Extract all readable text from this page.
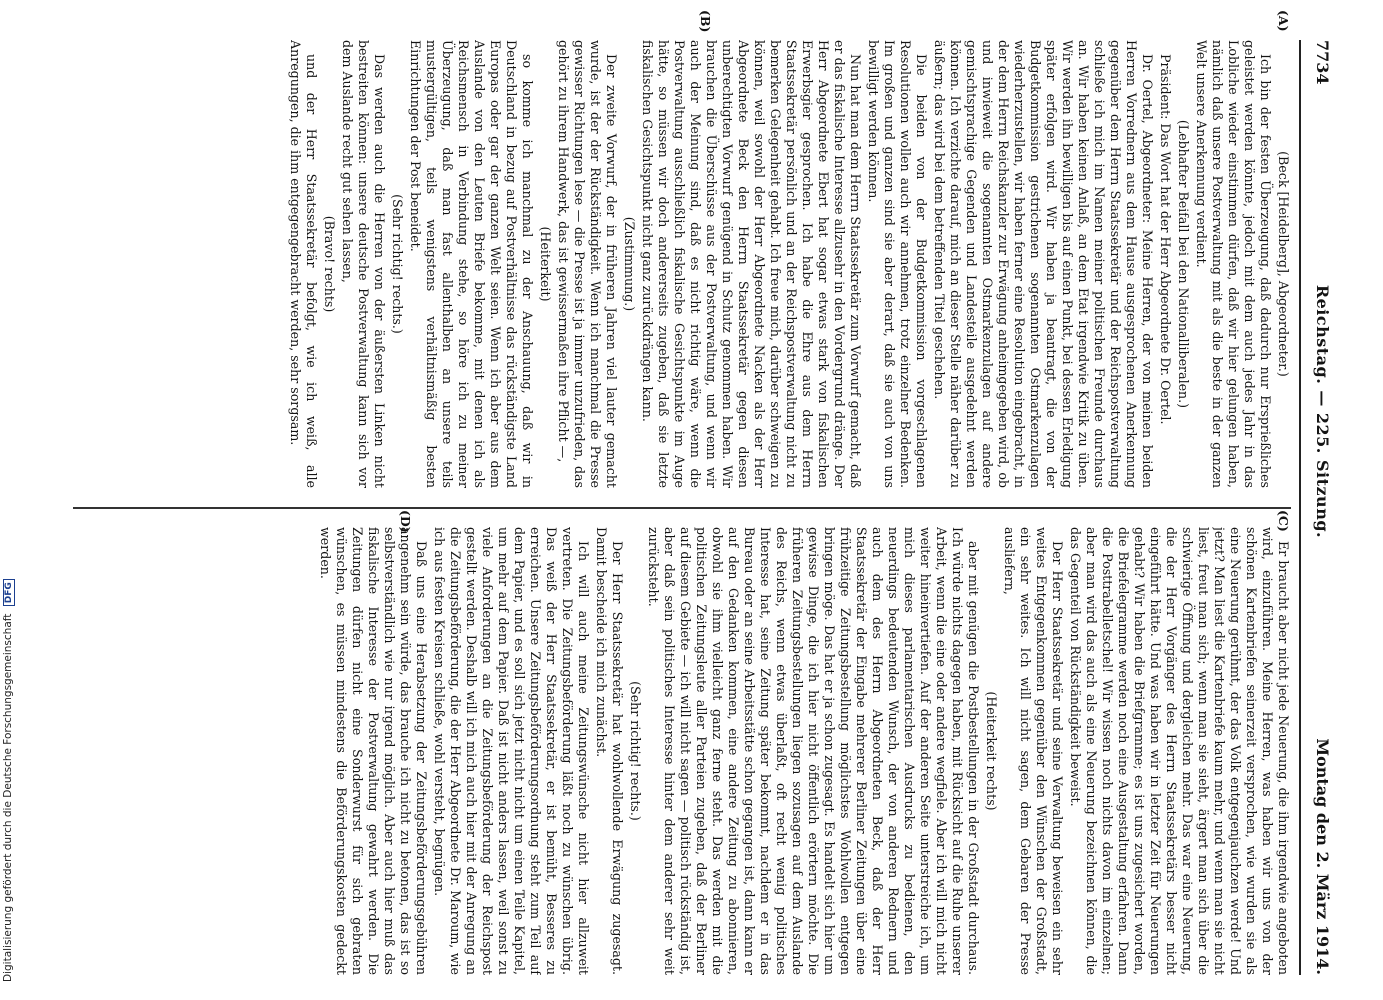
7734
Reichstag. — 225. Sitzung.
Montag den 2. März 1914.

(Beck [Heidelberg], Abgeordneter.)

Ich bin der festen Überzeugung, daß dadurch nur Ersprießliches geleistet werden könnte, jedoch mit dem auch jedes Jahr in das Lobliche wieder einstimmen dürfen, daß wir hier gelungen haben, nämlich daß unsere Postverwaltung mit als die beste in der ganzen Welt unsere Anerkennung verdient.

(Lebhafter Beifall bei den Nationalliberalen.)

Präsident: Das Wort hat der Herr Abgeordnete Dr. Oertel.

Dr. Oertel, Abgeordneter: Meine Herren, der von meinen beiden Herren Vorrednern aus dem Hause ausgesprochenen Anerkennung gegenüber dem Herrn Staatssekretär und der Reichspostverwaltung schließe ich mich im Namen meiner politischen Freunde durchaus an. Wir haben keinen Anlaß, an dem Etat irgendwie Kritik zu üben. Wir werden ihn bewilligen bis auf einen Punkt, bei dessen Erledigung später erfolgen wird. Wir haben ja beantragt, die von der Budgetkommission gestrichenen sogenannten Ostmarkenzulagen wiederherzustellen, wir haben ferner eine Resolution eingebracht, in der dem Herrn Reichskanzler zur Erwägung anheimgegeben wird, ob und inwieweit die sogenannten Ostmarkenzulagen auf andere gemischtsprachige Gegenden und Landesteile ausgedehnt werden können. Ich verzichte darauf, mich an dieser Stelle näher darüber zu äußern; das wird bei dem betreffenden Titel geschehen.

Die beiden von der Budgetkommission vorgeschlagenen Resolutionen wollen auch wir annehmen, trotz einzelner Bedenken. Im großen und ganzen sind sie aber derart, daß sie auch von uns bewilligt werden können.

Nun hat man dem Herrn Staatssekretär zum Vorwurf gemacht, daß er das fiskalische Interesse allzusehr in den Vordergrund dränge. Der Herr Abgeordnete Ebert hat sogar etwas stark von fiskalischen Erwerbsgier gesprochen. Ich habe die Ehre aus dem Herrn Staatssekretär persönlich und an der Reichspostverwaltung nicht zu bemerken Gelegenheit gehabt. Ich freue mich, darüber schweigen zu können, weil sowohl der Herr Abgeordnete Nacken als der Herr Abgeordnete Beck den Herrn Staatssekretär gegen diesen unberechtigten Vorwurf genügend in Schutz genommen haben. Wir brauchen die Überschüsse aus der Postverwaltung, und wenn wir auch der Meinung sind, daß es nicht richtig wäre, wenn die Postverwaltung ausschließlich fiskalische Gesichtspunkte im Auge hätte, so müssen wir doch andererseits zugeben, daß sie letzte fiskalischen Gesichtspunkt nicht ganz zurückdrängen kann.

(Zustimmung.)

Der zweite Vorwurf, der in früheren Jahren viel lauter gemacht wurde, ist der der Rückständigkeit. Wenn ich manchmal die Presse gewisser Richtungen lese — die Presse ist ja immer unzufrieden, das gehört zu ihrem Handwerk, das ist gewissermaßen ihre Pflicht —,

(Heiterkeit)

so komme ich manchmal zu der Anschauung, daß wir in Deutschland in bezug auf Postverhältnisse das rückständigste Land Europas oder gar der ganzen Welt seien. Wenn ich aber aus dem Auslande von den Leuten Briefe bekomme, mit denen ich als Reichsmensch in Verbindung stehe, so höre ich zu meiner Überzeugung, daß man fast allenthalben an unsere teils mustergültigen, teils wenigstens verhältnismäßig besten Einrichtungen der Post beneidet.

(Sehr richtig! rechts.)

Das werden auch die Herren von der äußersten Linken nicht bestreiten können: unsere deutsche Postverwaltung kann sich vor dem Auslande recht gut sehen lassen,

(Bravo! rechts)

und der Herr Staatssekretär befolgt, wie ich weiß, alle Anregungen, die ihm entgegengebracht werden, sehr sorgsam.

Er braucht aber nicht jede Neuerung, die ihm irgendwie angeboten wird, einzuführen. Meine Herren, was haben wir uns von der schönen Kartenbriefen seinerzeit versprochen, wie wurden sie als eine Neuerung gerühmt, der das Volk entgegenjauchzen werde! Und jetzt? Man liest die Kartenbriefe kaum mehr, und wenn man sie nicht liest, freut man sich; wenn man sie sieht, ärgert man sich über die schwierige Öffnung und dergleichen mehr. Das war eine Neuerung, die der Herr Vorgänger des Herrn Staatssekretärs besser nicht eingeführt hätte. Und was haben wir in letzter Zeit für Neuerungen gehabt? Wir haben die Briefgramme; es ist uns zugesichert worden, die Briefelegramme werden noch eine Ausgestaltung erfahren. Dann die Posttrabelletschel! Wir wissen noch nichts davon im einzelnen; aber man wird das auch als eine Neuerung bezeichnen können, die das Gegenteil von Rückständigkeit beweist.

Der Herr Staatssekretär und seine Verwaltung beweisen ein sehr weites Entgegenkommen gegenüber den Wünschen der Großstadt, ein sehr weites. Ich will nicht sagen, dem Gebaren der Presse ausliefern,

(Heiterkeit rechts)

aber mit genügen die Postbestellungen in der Großstadt durchaus. Ich würde nichts dagegen haben, mit Rücksicht auf die Ruhe unserer Arbeit, wenn die eine oder andere wegfiele. Aber ich will mich nicht weiter hineinvertiefen. Auf der anderen Seite unterstreiche ich, um mich dieses parlamentarischen Ausdrucks zu bedienen, den neuerdings bedeutenden Wunsch, der von anderen Rednern und auch dem des Herrn Abgeordneten Beck, daß der Herr Staatssekretär der Eingabe mehrerer Berliner Zeitungen über eine frühzeitige Zeitungsbestellung möglichstes Wohlwollen entgegen bringen möge. Das hat er ja schon zugesagt. Es handelt sich hier um gewisse Dinge, die ich hier nicht öffentlich erörtern möchte. Die früheren Zeitungsbestellungen liegen sozusagen auf dem Auslande des Reichs, wenn etwas überlaßt, oft recht wenig politisches Interesse hat, seine Zeitung später bekommt, nachdem er in das Bureau oder an seine Arbeitsstätte schon gegangen ist, dann kann er auf den Gedanken kommen, eine andere Zeitung zu abonnieren, obwohl sie ihm vielleicht ganz ferne steht. Das werden mit die politischen Zeitungsleute aller Parteien zugeben, daß der Berliner auf diesem Gebiete — ich will nicht sagen — politisch rückständig ist, aber daß sein politisches Interesse hinter dem anderer sehr weit zurücksteht.

(Sehr richtig! rechts.)

Der Herr Staatssekretär hat wohlwollende Erwägung zugesagt. Damit bescheide ich mich zunächst.

Ich will auch meine Zeitungswünsche nicht hier allzuweit vertreten. Die Zeitungsbeförderung läßt noch zu wünschen übrig. Das weiß der Herr Staatssekretär, er ist bemüht, Besseres zu erreichen. Unsere Zeitungsbeförderungsordnung steht zum Teil auf dem Papier, und es soll sich jetzt nicht nicht um einen Teile Kapitel, um mehr auf dem Papier. Daß ist nicht anders lassen, weil sonst zu viele Anforderungen an die Zeitungsbeförderung der Reichspost gestellt werden. Deshalb will ich mich auch hier mit der Anregung an die Zeitungsbeförderung, die der Herr Abgeordnete Dr. Maroum, wie ich aus festen Kreisen schließe, wohl versteht, begnügen.

Daß uns eine Herabsetzung der Zeitungsbeförderungsgebühren angenehm sein würde, das brauche ich nicht zu betonen, das ist so selbstverständlich wie nur irgend möglich. Aber auch hier muß das fiskalische Interesse der Postverwaltung gewahrt werden. Die Zeitungen dürfen nicht eine Sonderwurst für sich gebraten wünschen, es müssen mindestens die Beförderungskosten gedeckt werden.

(A)
(B)
(C)
(D)
Digitalisierung gefördert durch die Deutsche Forschungsgemeinschaft DFG
